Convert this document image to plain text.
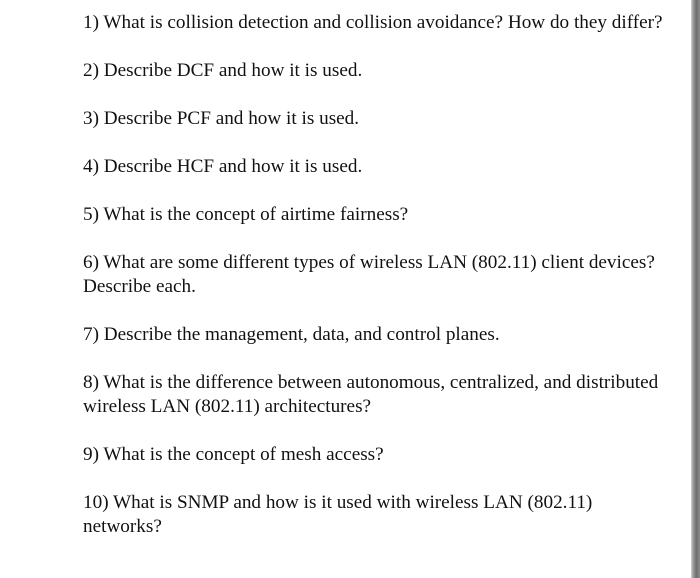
1) What is collision detection and collision avoidance? How do they differ?
2) Describe DCF and how it is used.
3) Describe PCF and how it is used.
4) Describe HCF and how it is used.
5) What is the concept of airtime fairness?
6) What are some different types of wireless LAN (802.11) client devices? Describe each.
7) Describe the management, data, and control planes.
8) What is the difference between autonomous, centralized, and distributed wireless LAN (802.11) architectures?
9) What is the concept of mesh access?
10) What is SNMP and how is it used with wireless LAN (802.11) networks?
